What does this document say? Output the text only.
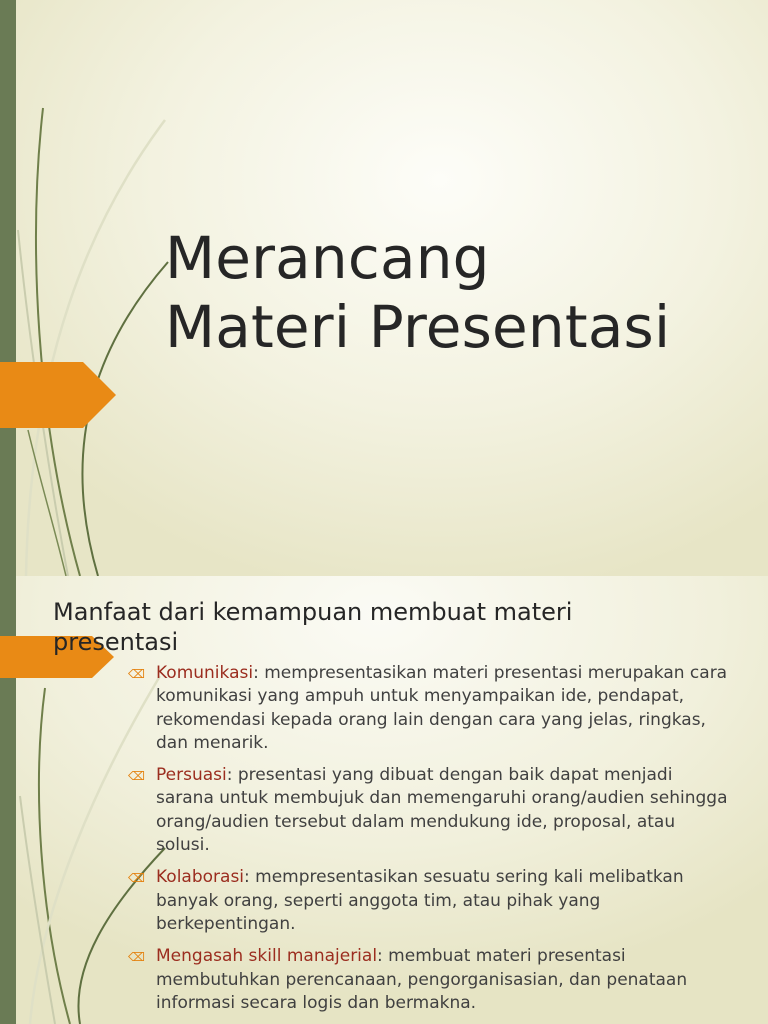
Merancang
Materi Presentasi
Manfaat dari kemampuan membuat materi presentasi
⌫ Komunikasi: mempresentasikan materi presentasi merupakan cara komunikasi yang ampuh untuk menyampaikan ide, pendapat, rekomendasi kepada orang lain dengan cara yang jelas, ringkas, dan menarik.
⌫ Persuasi: presentasi yang dibuat dengan baik dapat menjadi sarana untuk membujuk dan memengaruhi orang/audien sehingga orang/audien tersebut dalam mendukung ide, proposal, atau solusi.
⌫ Kolaborasi: mempresentasikan sesuatu sering kali melibatkan banyak orang, seperti anggota tim, atau pihak yang berkepentingan.
⌫ Mengasah skill manajerial: membuat materi presentasi membutuhkan perencanaan, pengorganisasian, dan penataan informasi secara logis dan bermakna.
